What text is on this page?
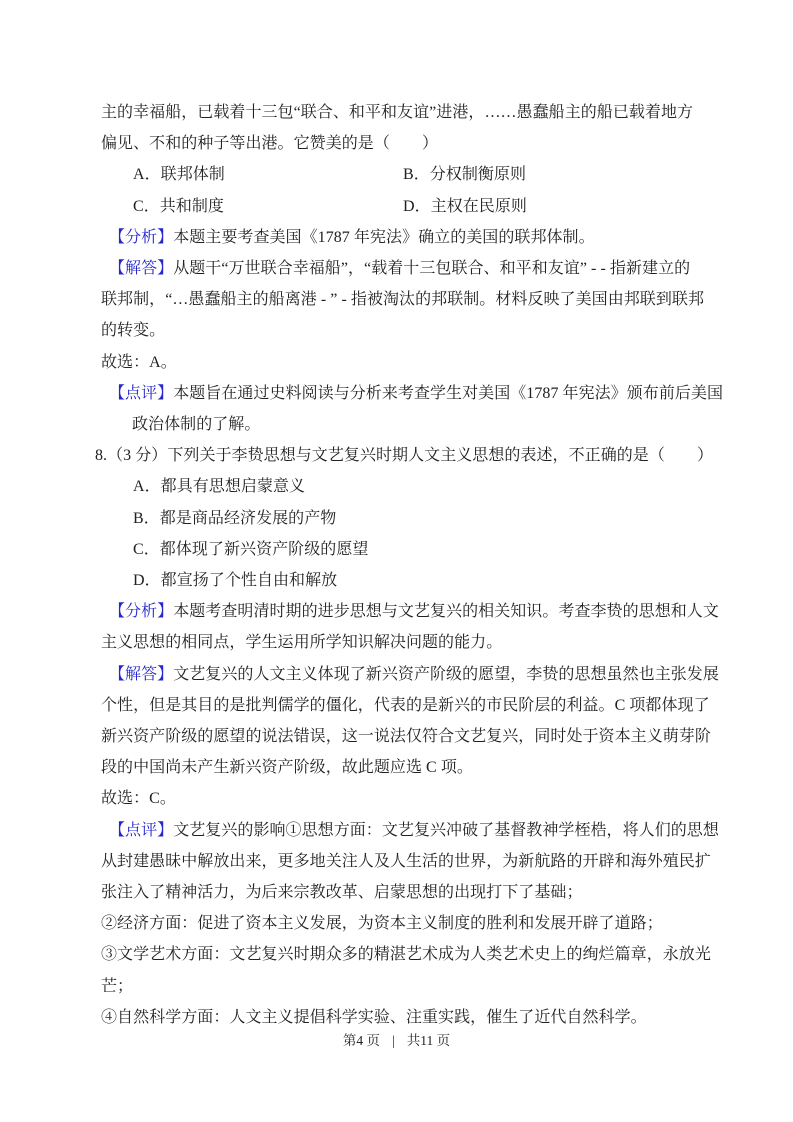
主的幸福船，已载着十三包“联合、和平和友谊”进港，……愚蠢船主的船已载着地方
偏见、不和的种子等出港。它赞美的是（　　）
A．联邦体制	B．分权制衡原则
C．共和制度	D．主权在民原则
【分析】本题主要考查美国《1787 年宪法》确立的美国的联邦体制。
【解答】从题干“万世联合幸福船”，“载着十三包联合、和平和友谊” - - 指新建立的
联邦制，“…愚蠢船主的船离港 - ” - 指被淘汰的邦联制。材料反映了美国由邦联到联邦
的转变。
故选：A。
【点评】本题旨在通过史料阅读与分析来考查学生对美国《1787 年宪法》颁布前后美国
政治体制的了解。
8.（3 分）下列关于李贽思想与文艺复兴时期人文主义思想的表述，不正确的是（　　）
A．都具有思想启蒙意义
B．都是商品经济发展的产物
C．都体现了新兴资产阶级的愿望
D．都宣扬了个性自由和解放
【分析】本题考查明清时期的进步思想与文艺复兴的相关知识。考查李贽的思想和人文
主义思想的相同点，学生运用所学知识解决问题的能力。
【解答】文艺复兴的人文主义体现了新兴资产阶级的愿望，李贽的思想虽然也主张发展
个性，但是其目的是批判儒学的僵化，代表的是新兴的市民阶层的利益。C 项都体现了
新兴资产阶级的愿望的说法错误，这一说法仅符合文艺复兴，同时处于资本主义萌芽阶
段的中国尚未产生新兴资产阶级，故此题应选 C 项。
故选：C。
【点评】文艺复兴的影响①思想方面：文艺复兴冲破了基督教神学桎梏，将人们的思想
从封建愚昧中解放出来，更多地关注人及人生活的世界，为新航路的开辟和海外殖民扩
张注入了精神活力，为后来宗教改革、启蒙思想的出现打下了基础；
②经济方面：促进了资本主义发展，为资本主义制度的胜利和发展开辟了道路；
③文学艺术方面：文艺复兴时期众多的精湛艺术成为人类艺术史上的绚烂篇章，永放光
芒；
④自然科学方面：人文主义提倡科学实验、注重实践，催生了近代自然科学。
第4 页 | 共11 页
